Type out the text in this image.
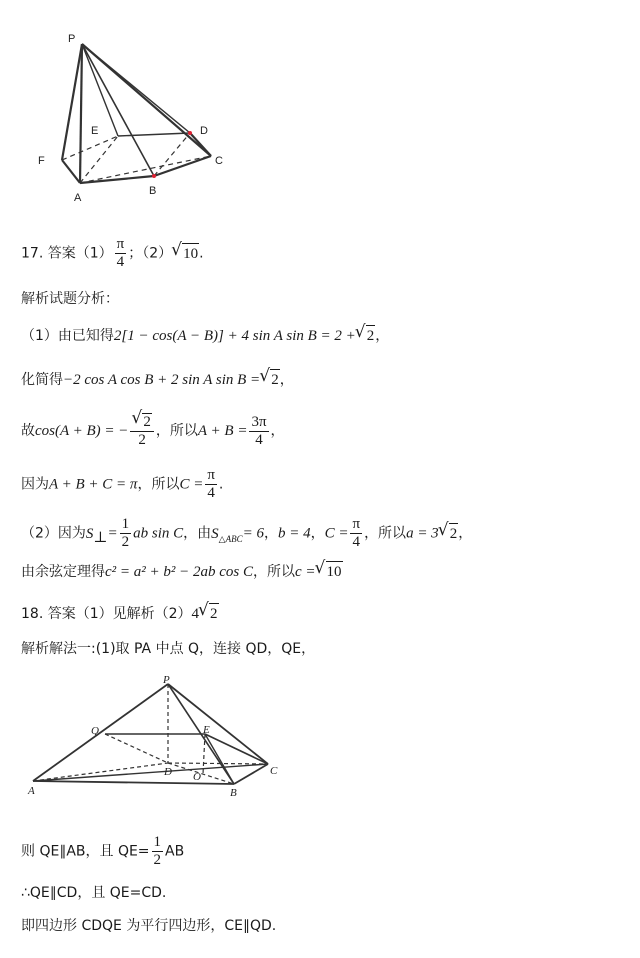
P
E	D
F	C
A
B
17. 答案$(1) \frac{\pi}{4}$ ；（2） √ 10.
解析试题分析：
（1）由已知得2[1 − cos(A − B)] + 4 sin A sin B = 2 + √ 2，
化简得−2 cos A cos B + 2 sin A sin B = √ 2，
故cos(A + B) = − √ $\frac{2}{2}$ ，所以$A + B = \frac{3\pi}{4}$ ，
因为A + B + C = π，所以$C = \frac{\pi}{4}$ .
（2）因为$S_\perp= \frac{1}{2}$ ab sin C，由$S_{\triangle ABC}= 6$，b = 4，$C = \frac{\pi}{4}$ ，所以a = 3 √ 2，
由余弦定理得c² = a² + b² − 2ab cos C，所以c = √ 10
18. 答案（1）见解析（2）4 √ 2
解析解法一:(1)取 PA 中点 Q，连接 QD，QE，
P
Q	E
D O	C
A	B
则 QE∥AB，且 $QE= \frac{1}{2}$ AB
∴QE∥CD，且 QE=CD.
即四边形 CDQE 为平行四边形，CE∥QD.
